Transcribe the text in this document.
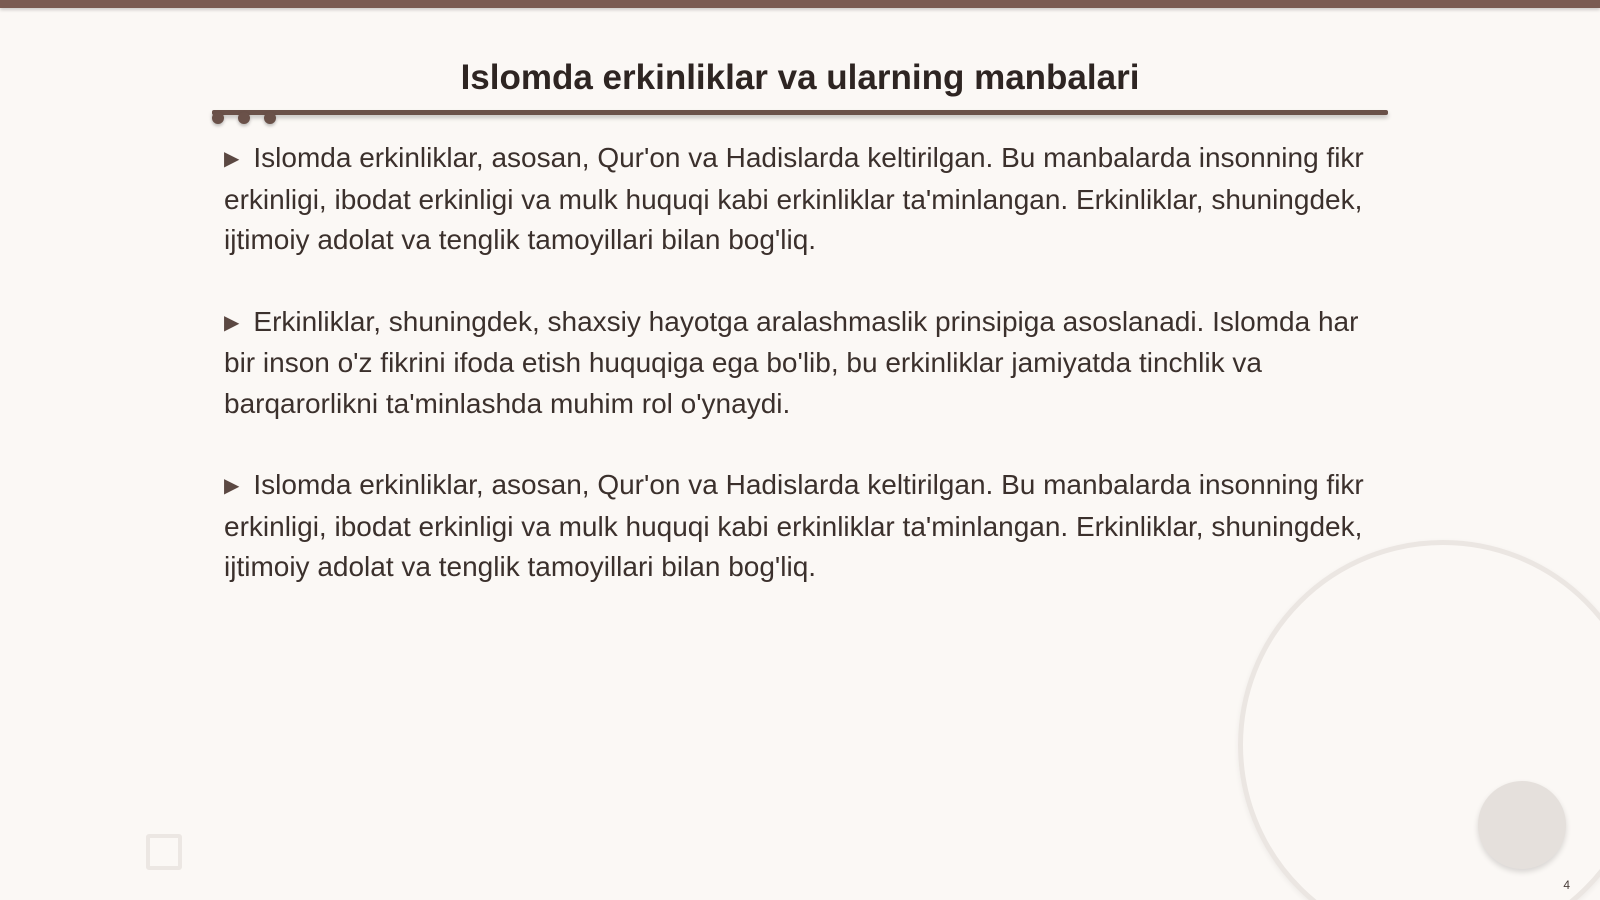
Islomda erkinliklar va ularning manbalari

▶ Islomda erkinliklar, asosan, Qur'on va Hadislarda keltirilgan. Bu manbalarda insonning fikr erkinligi, ibodat erkinligi va mulk huquqi kabi erkinliklar ta'minlangan. Erkinliklar, shuningdek, ijtimoiy adolat va tenglik tamoyillari bilan bog'liq.

▶ Erkinliklar, shuningdek, shaxsiy hayotga aralashmaslik prinsipiga asoslanadi. Islomda har bir inson o'z fikrini ifoda etish huquqiga ega bo'lib, bu erkinliklar jamiyatda tinchlik va barqarorlikni ta'minlashda muhim rol o'ynaydi.

▶ Islomda erkinliklar, asosan, Qur'on va Hadislarda keltirilgan. Bu manbalarda insonning fikr erkinligi, ibodat erkinligi va mulk huquqi kabi erkinliklar ta'minlangan. Erkinliklar, shuningdek, ijtimoiy adolat va tenglik tamoyillari bilan bog'liq.

4
